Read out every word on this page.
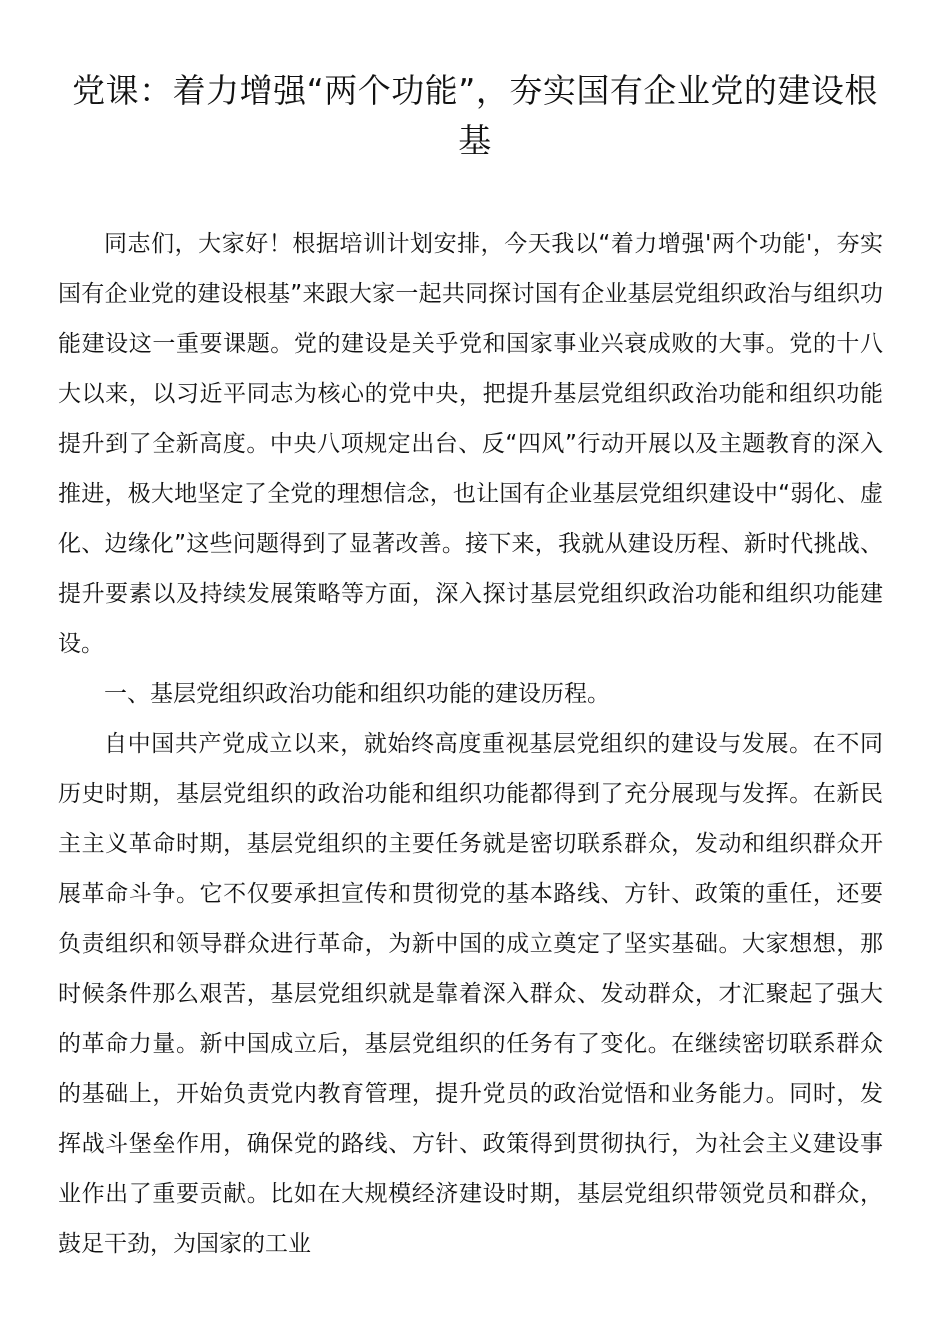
党课：着力增强“两个功能”，夯实国有企业党的建设根基

同志们，大家好！根据培训计划安排，今天我以“着力增强'两个功能'，夯实国有企业党的建设根基”来跟大家一起共同探讨国有企业基层党组织政治与组织功能建设这一重要课题。党的建设是关乎党和国家事业兴衰成败的大事。党的十八大以来，以习近平同志为核心的党中央，把提升基层党组织政治功能和组织功能提升到了全新高度。中央八项规定出台、反“四风”行动开展以及主题教育的深入推进，极大地坚定了全党的理想信念，也让国有企业基层党组织建设中“弱化、虚化、边缘化”这些问题得到了显著改善。接下来，我就从建设历程、新时代挑战、提升要素以及持续发展策略等方面，深入探讨基层党组织政治功能和组织功能建设。

一、基层党组织政治功能和组织功能的建设历程。

自中国共产党成立以来，就始终高度重视基层党组织的建设与发展。在不同历史时期，基层党组织的政治功能和组织功能都得到了充分展现与发挥。在新民主主义革命时期，基层党组织的主要任务就是密切联系群众，发动和组织群众开展革命斗争。它不仅要承担宣传和贯彻党的基本路线、方针、政策的重任，还要负责组织和领导群众进行革命，为新中国的成立奠定了坚实基础。大家想想，那时候条件那么艰苦，基层党组织就是靠着深入群众、发动群众，才汇聚起了强大的革命力量。新中国成立后，基层党组织的任务有了变化。在继续密切联系群众的基础上，开始负责党内教育管理，提升党员的政治觉悟和业务能力。同时，发挥战斗堡垒作用，确保党的路线、方针、政策得到贯彻执行，为社会主义建设事业作出了重要贡献。比如在大规模经济建设时期，基层党组织带领党员和群众，鼓足干劲，为国家的工业
